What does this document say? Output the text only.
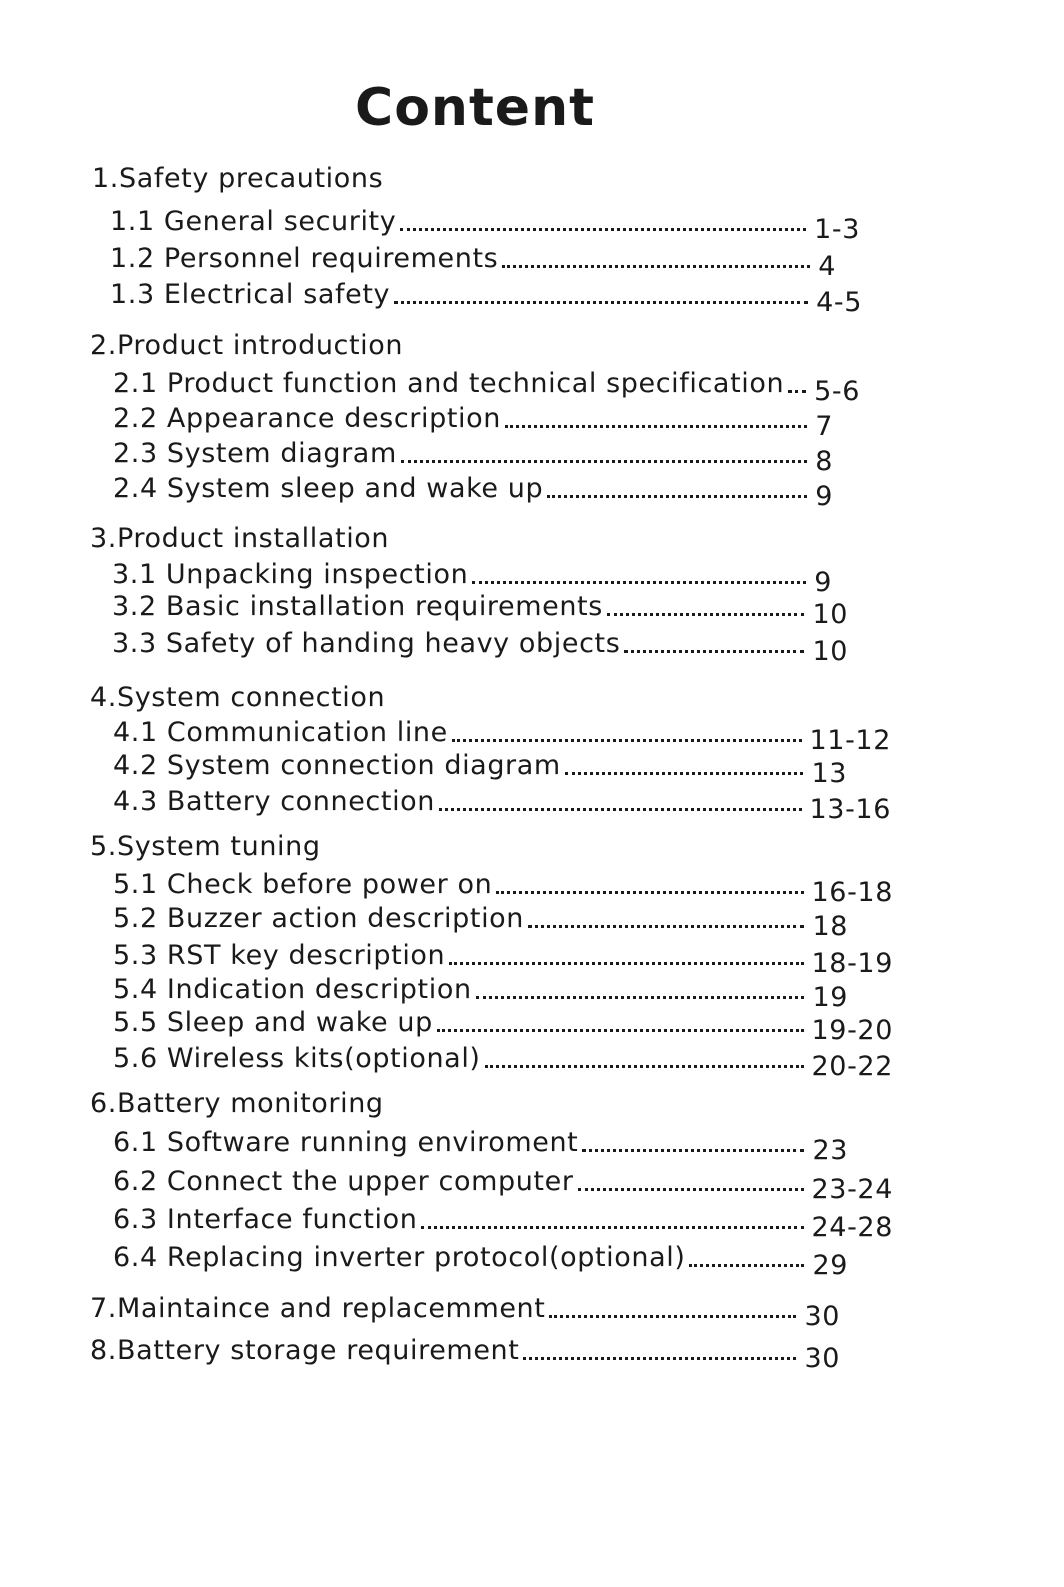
Content
1.Safety precautions
1.1 General security	1-3
1.2 Personnel requirements	4
1.3 Electrical safety	4-5
2.Product introduction
2.1 Product function and technical specification 5-6
2.2 Appearance description	7
2.3 System diagram	8
2.4 System sleep and wake up	9
3.Product installation
3.1 Unpacking inspection	9
3.2 Basic installation requirements	10
3.3 Safety of handing heavy objects	10
4.System connection
4.1 Communication line	11-12
4.2 System connection diagram	13
4.3 Battery connection	13-16
5.System tuning
5.1 Check before power on	16-18
5.2 Buzzer action description	18
5.3 RST key description	18-19
5.4 Indication description	19
5.5 Sleep and wake up	19-20
5.6 Wireless kits(optional)	20-22
6.Battery monitoring
6.1 Software running enviroment	23
6.2 Connect the upper computer	23-24
6.3 Interface function	24-28
6.4 Replacing inverter protocol(optional)	29
7.Maintaince and replacemment	30
8.Battery storage requirement	30
